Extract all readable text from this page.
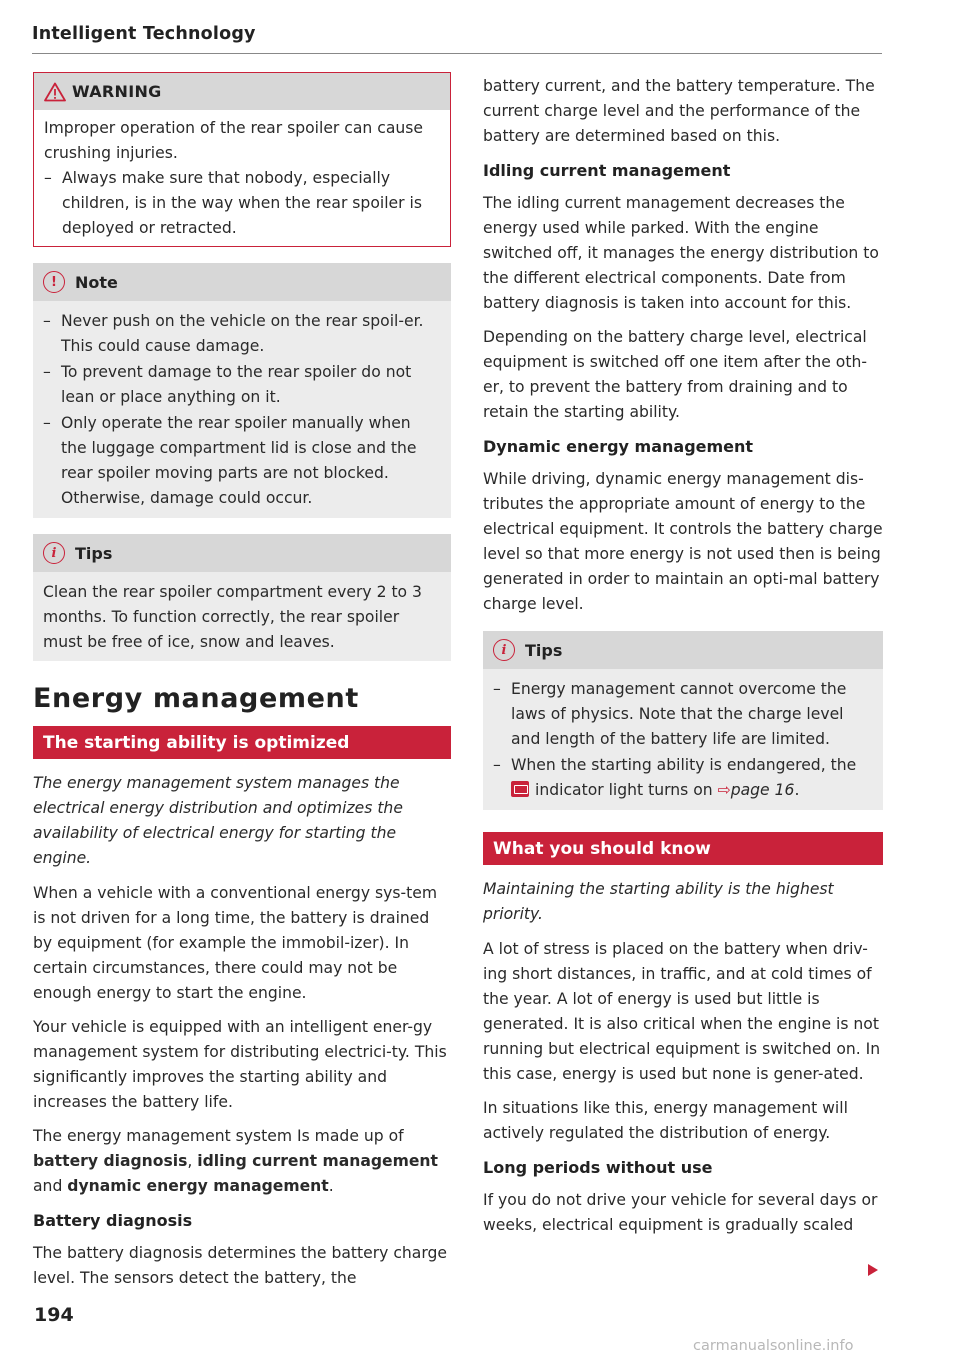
Intelligent Technology
WARNING

Improper operation of the rear spoiler can cause crushing injuries.

– Always make sure that nobody, especially children, is in the way when the rear spoiler is deployed or retracted.
!	Note
– Never push on the vehicle on the rear spoil-er. This could cause damage.
– To prevent damage to the rear spoiler do not lean or place anything on it.
– Only operate the rear spoiler manually when the luggage compartment lid is close and the rear spoiler moving parts are not blocked. Otherwise, damage could occur.
i	Tips

Clean the rear spoiler compartment every 2 to 3 months. To function correctly, the rear spoiler must be free of ice, snow and leaves.

Energy management
The starting ability is optimized

The energy management system manages the electrical energy distribution and optimizes the availability of electrical energy for starting the engine.

When a vehicle with a conventional energy sys-tem is not driven for a long time, the battery is drained by equipment (for example the immobil-izer). In certain circumstances, there could may not be enough energy to start the engine.

Your vehicle is equipped with an intelligent ener-gy management system for distributing electrici-ty. This significantly improves the starting ability and increases the battery life.

The energy management system Is made up of battery diagnosis, idling current management and dynamic energy management.

Battery diagnosis

The battery diagnosis determines the battery charge level. The sensors detect the battery, the

battery current, and the battery temperature. The current charge level and the performance of the battery are determined based on this.

Idling current management

The idling current management decreases the energy used while parked. With the engine switched off, it manages the energy distribution to the different electrical components. Date from battery diagnosis is taken into account for this.

Depending on the battery charge level, electrical equipment is switched off one item after the oth-er, to prevent the battery from draining and to retain the starting ability.

Dynamic energy management

While driving, dynamic energy management dis-tributes the appropriate amount of energy to the electrical equipment. It controls the battery charge level so that more energy is not used then is being generated in order to maintain an opti-mal battery charge level.

i	Tips
– Energy management cannot overcome the laws of physics. Note that the charge level and length of the battery life are limited.
– When the starting ability is endangered, the
indicator light turns on ⇨page 16.
What you should know

Maintaining the starting ability is the highest priority.

A lot of stress is placed on the battery when driv-ing short distances, in traffic, and at cold times of the year. A lot of energy is used but little is generated. It is also critical when the engine is not running but electrical equipment is switched on. In this case, energy is used but none is gener-ated.

In situations like this, energy management will actively regulated the distribution of energy.

Long periods without use

If you do not drive your vehicle for several days or weeks, electrical equipment is gradually scaled

194
carmanualsonline.info
